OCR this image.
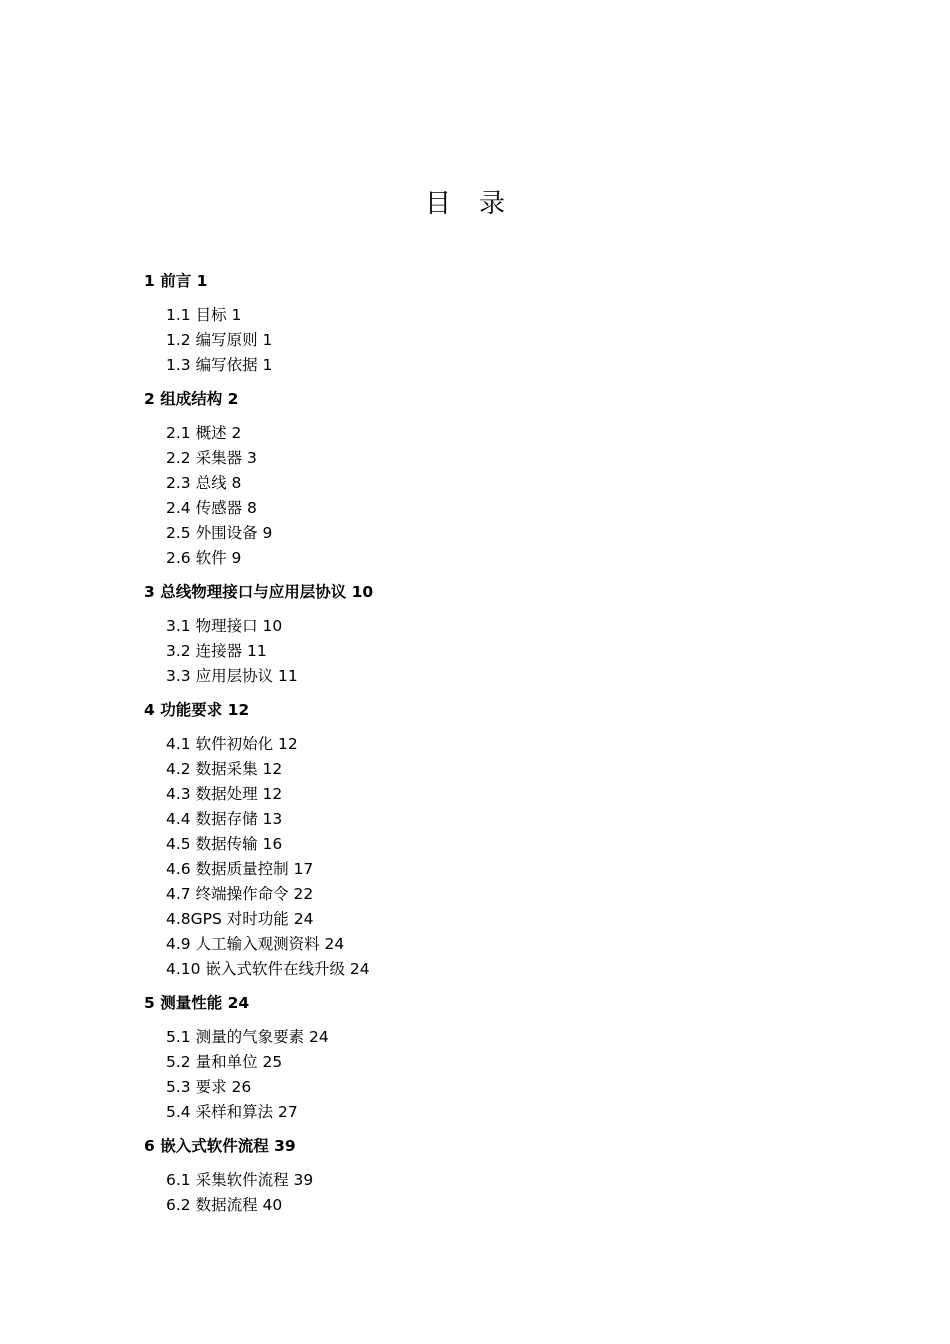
目 录
1 前言 1
1.1 目标 1
1.2 编写原则 1
1.3 编写依据 1
2 组成结构 2
2.1 概述 2
2.2 采集器 3
2.3 总线 8
2.4 传感器 8
2.5 外围设备 9
2.6 软件 9
3 总线物理接口与应用层协议 10
3.1 物理接口 10
3.2 连接器 11
3.3 应用层协议 11
4 功能要求 12
4.1 软件初始化 12
4.2 数据采集 12
4.3 数据处理 12
4.4 数据存储 13
4.5 数据传输 16
4.6 数据质量控制 17
4.7 终端操作命令 22
4.8GPS 对时功能 24
4.9 人工输入观测资料 24
4.10 嵌入式软件在线升级 24
5 测量性能 24
5.1 测量的气象要素 24
5.2 量和单位 25
5.3 要求 26
5.4 采样和算法 27
6 嵌入式软件流程 39
6.1 采集软件流程 39
6.2 数据流程 40
